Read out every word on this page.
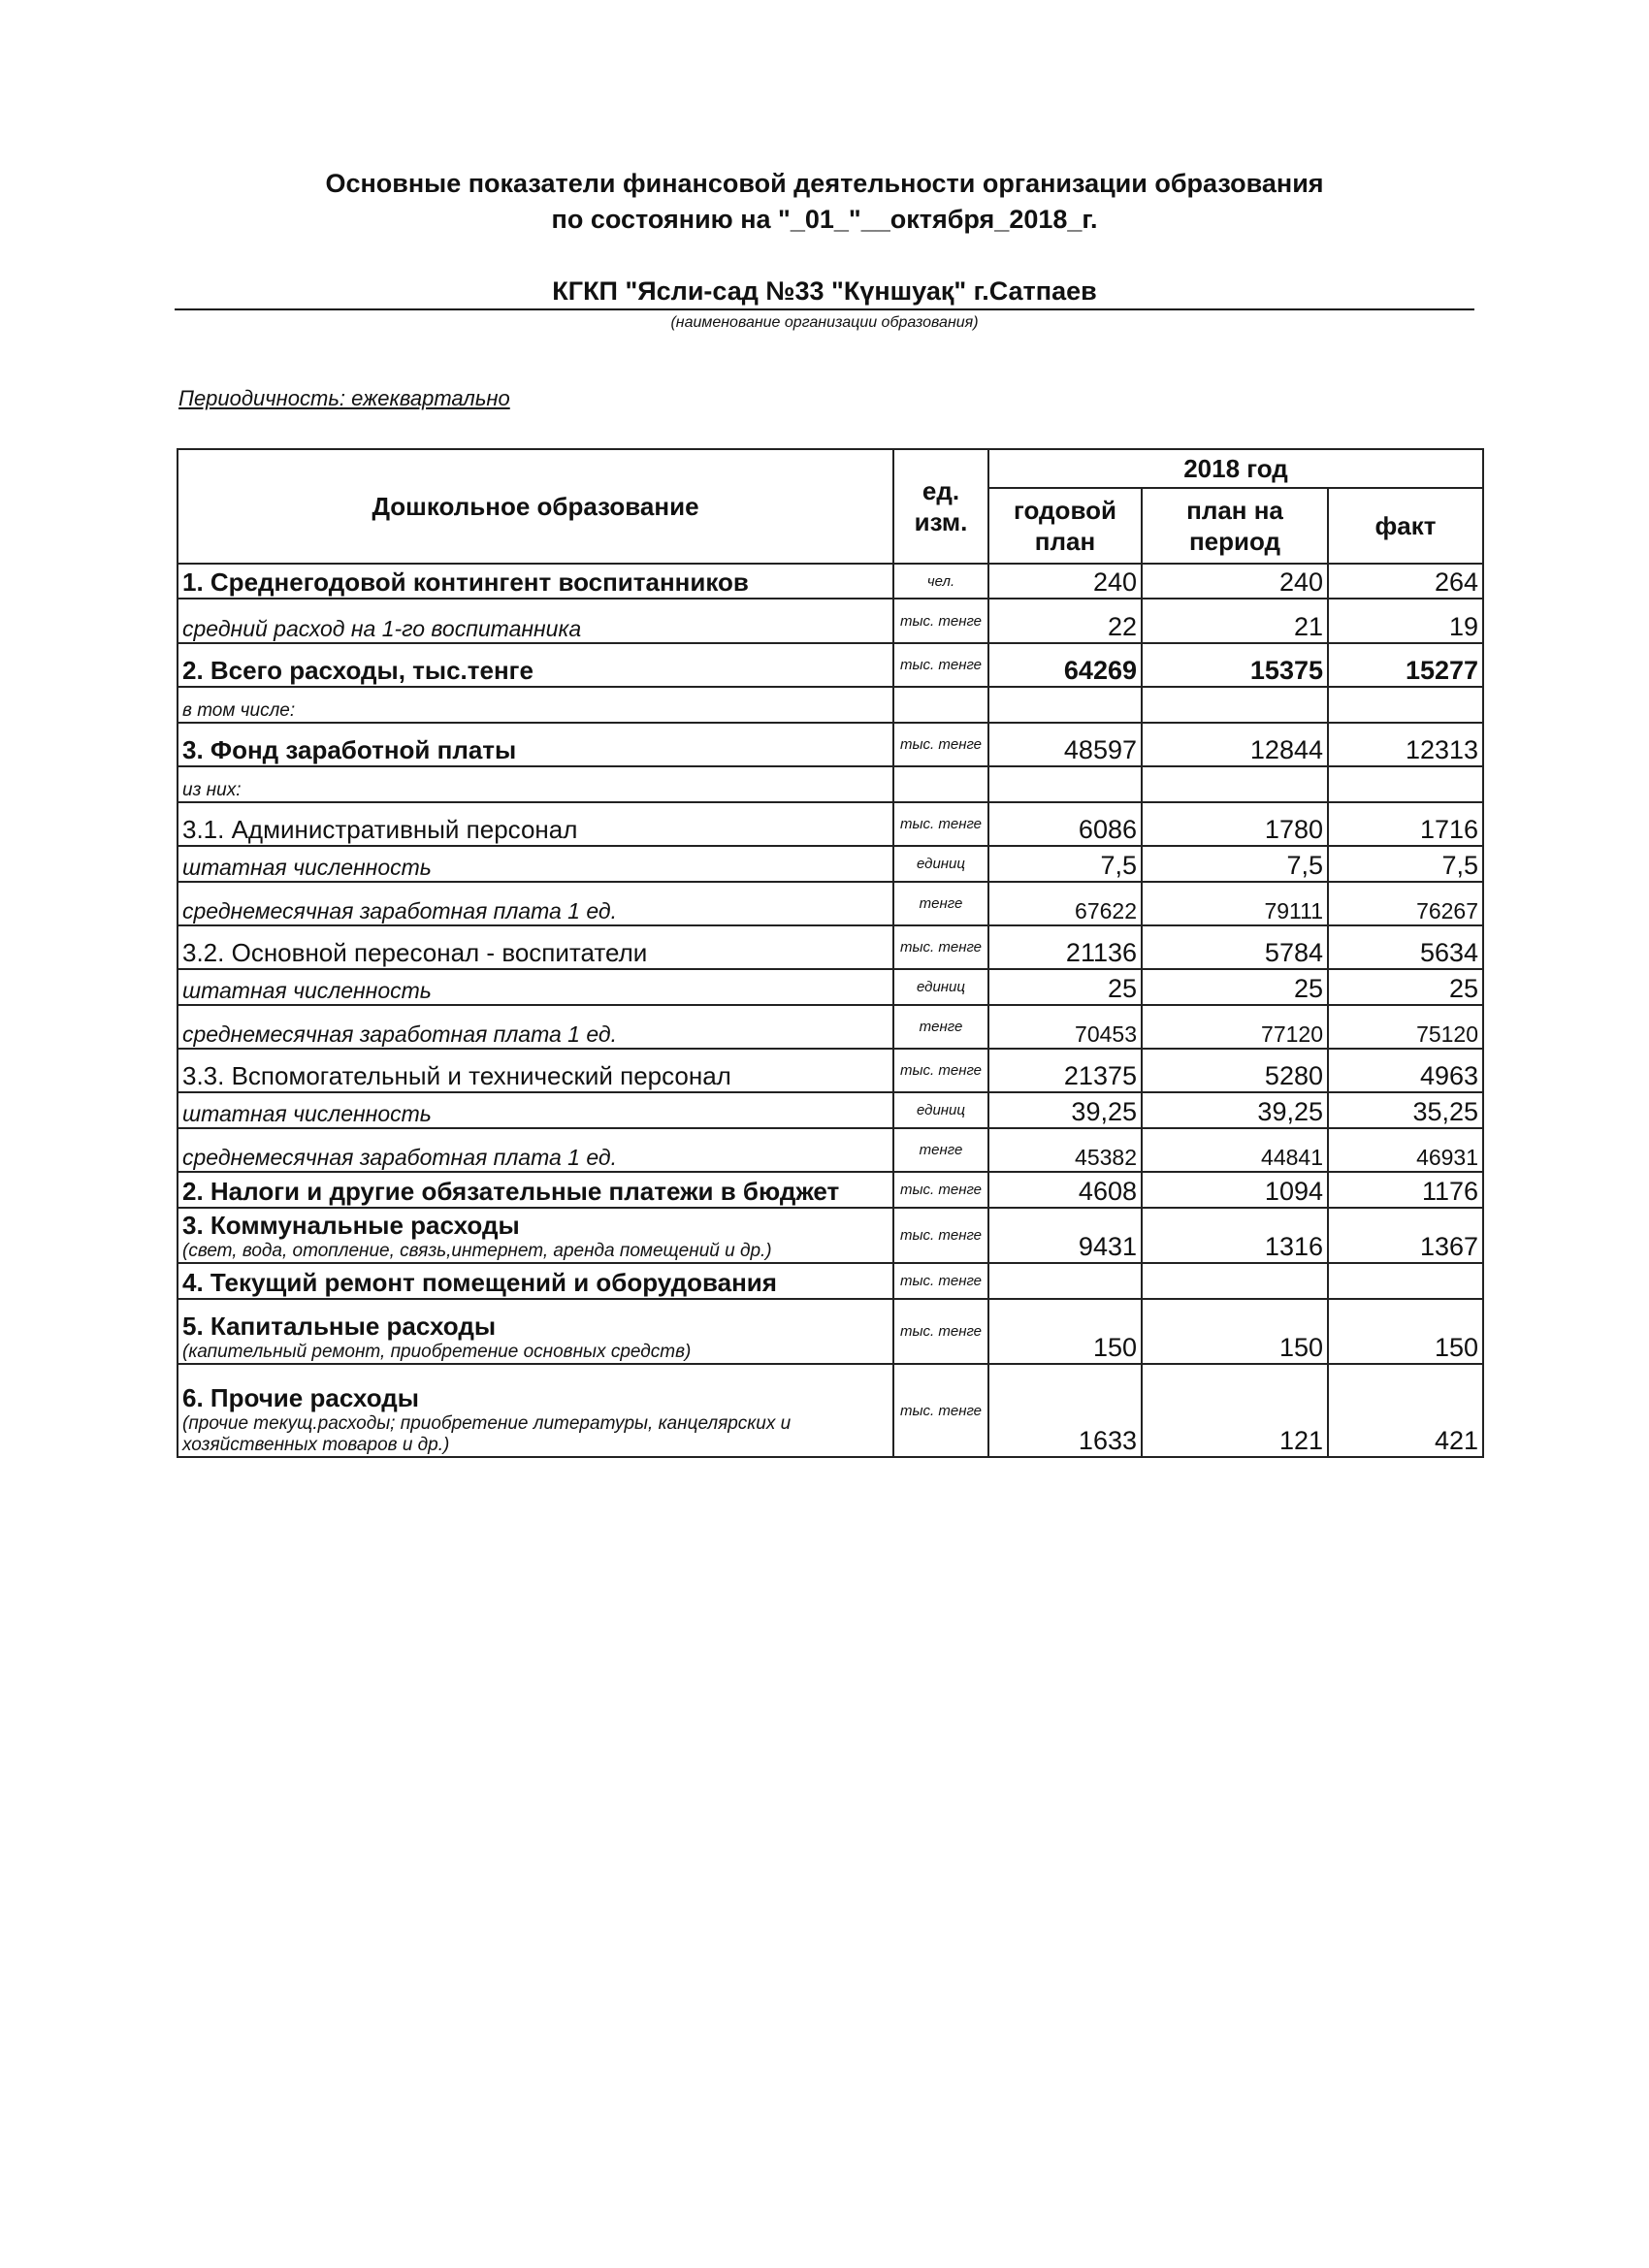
Основные показатели финансовой деятельности организации образования
по состоянию на "_01_"__октября_2018_г.
КГКП "Ясли-сад №33 "Күншуақ" г.Сатпаев
(наименование организации образования)
Периодичность: ежеквартально
Дошкольное образование	ед. изм.	2018 год		
		годовой план	план на период	факт
1. Среднегодовой контингент воспитанников	чел.	240	240	264
средний расход на 1-го воспитанника	тыс. тенге	22	21	19
2. Всего расходы, тыс.тенге	тыс. тенге	64269	15375	15277
в том числе:				
3. Фонд заработной платы	тыс. тенге	48597	12844	12313
из них:				
3.1. Административный персонал	тыс. тенге	6086	1780	1716
штатная численность	единиц	7,5	7,5	7,5
среднемесячная заработная плата 1 ед.	тенге	67622	79111	76267
3.2. Основной пересонал - воспитатели	тыс. тенге	21136	5784	5634
штатная численность	единиц	25	25	25
среднемесячная заработная плата 1 ед.	тенге	70453	77120	75120
3.3. Вспомогательный и технический персонал	тыс. тенге	21375	5280	4963
штатная численность	единиц	39,25	39,25	35,25
среднемесячная заработная плата 1 ед.	тенге	45382	44841	46931
2. Налоги и другие обязательные платежи в бюджет	тыс. тенге	4608	1094	1176
3. Коммунальные расходы
(свет, вода, отопление, связь,интернет, аренда помещений и др.)	тыс. тенге	9431	1316	1367
4. Текущий ремонт помещений и оборудования	тыс. тенге			
5. Капитальные расходы
(капительный ремонт, приобретение основных средств)	тыс. тенге	150	150	150
6. Прочие расходы
(прочие текущ.расходы; приобретение литературы, канцелярских и хозяйственных товаров и др.)	тыс. тенге	1633	121	421
